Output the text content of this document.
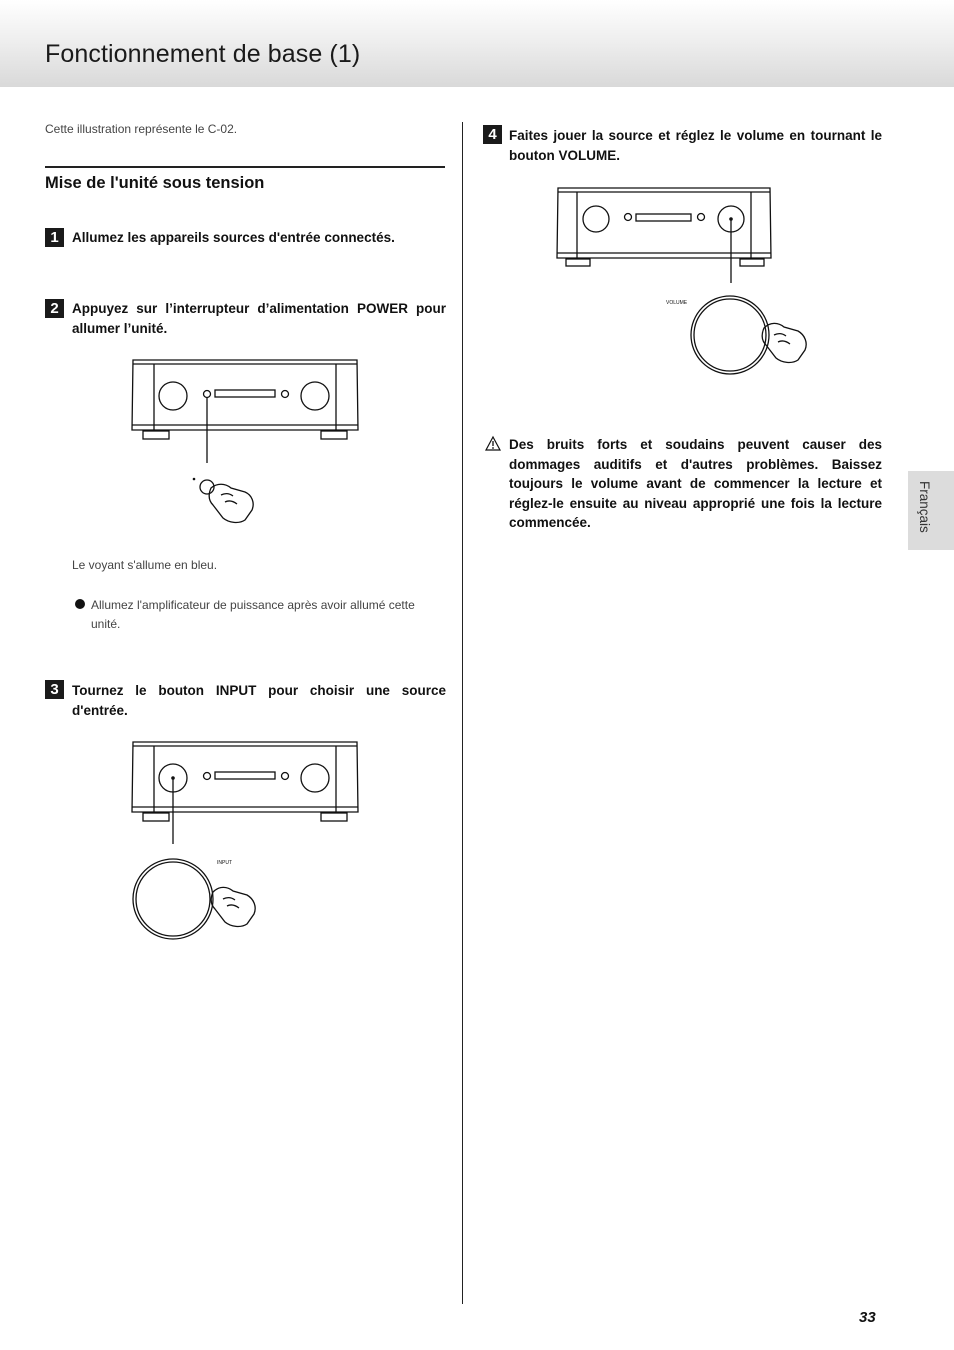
Fonctionnement de base (1)
Cette illustration représente le C-02.
Mise de l'unité sous tension
1 Allumez les appareils sources d'entrée connectés.
2 Appuyez sur l’interrupteur d’alimentation POWER pour allumer l’unité.
Le voyant s'allume en bleu.
Allumez l'amplificateur de puissance après avoir allumé cette unité.
3 Tournez le bouton INPUT pour choisir une source d'entrée.
INPUT
4 Faites jouer la source et réglez le volume en tournant le bouton VOLUME.
VOLUME
Des bruits forts et soudains peuvent causer des dommages auditifs et d'autres problèmes. Baissez toujours le volume avant de commencer la lecture et réglez-le ensuite au niveau approprié une fois la lecture commencée.	Français
33
